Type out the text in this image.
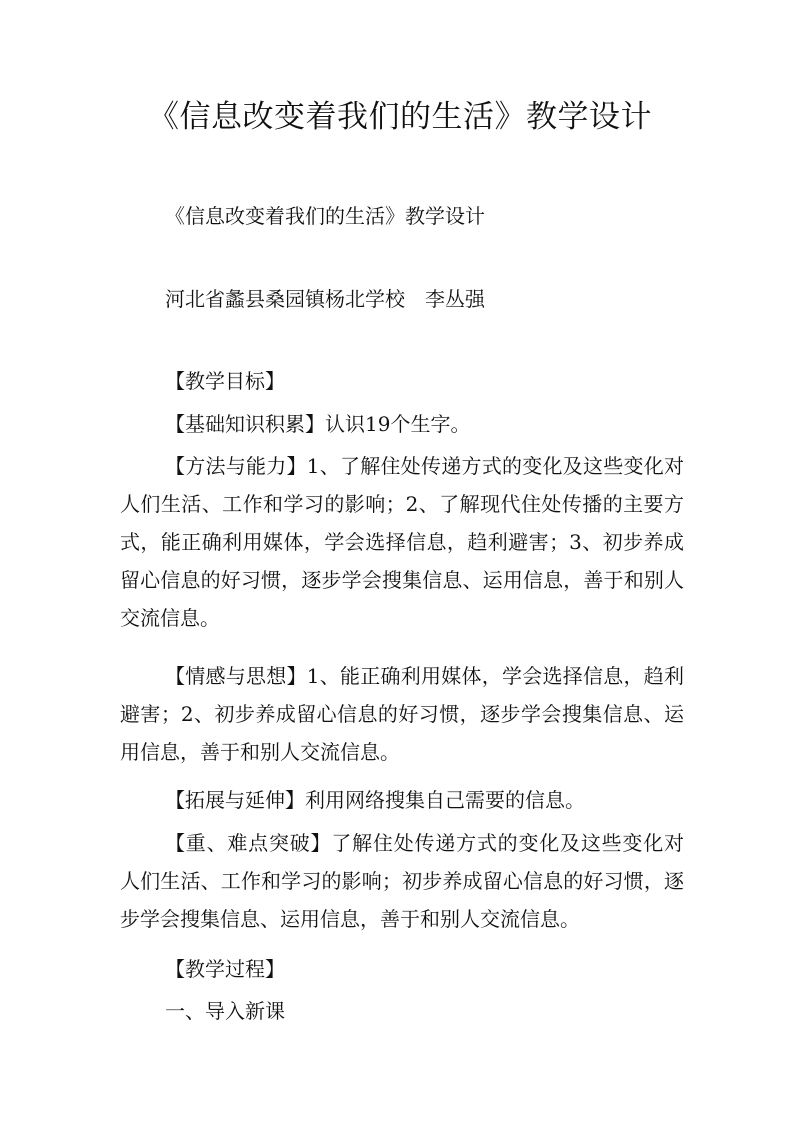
《信息改变着我们的生活》教学设计

《信息改变着我们的生活》教学设计

河北省蠡县桑园镇杨北学校　李丛强

【教学目标】

【基础知识积累】认识19个生字。

【方法与能力】1、了解住处传递方式的变化及这些变化对人们生活、工作和学习的影响；2、了解现代住处传播的主要方式，能正确利用媒体，学会选择信息，趋利避害；3、初步养成留心信息的好习惯，逐步学会搜集信息、运用信息，善于和别人交流信息。

【情感与思想】1、能正确利用媒体，学会选择信息，趋利避害；2、初步养成留心信息的好习惯，逐步学会搜集信息、运用信息，善于和别人交流信息。

【拓展与延伸】利用网络搜集自己需要的信息。

【重、难点突破】了解住处传递方式的变化及这些变化对人们生活、工作和学习的影响；初步养成留心信息的好习惯，逐步学会搜集信息、运用信息，善于和别人交流信息。

【教学过程】

一、导入新课
